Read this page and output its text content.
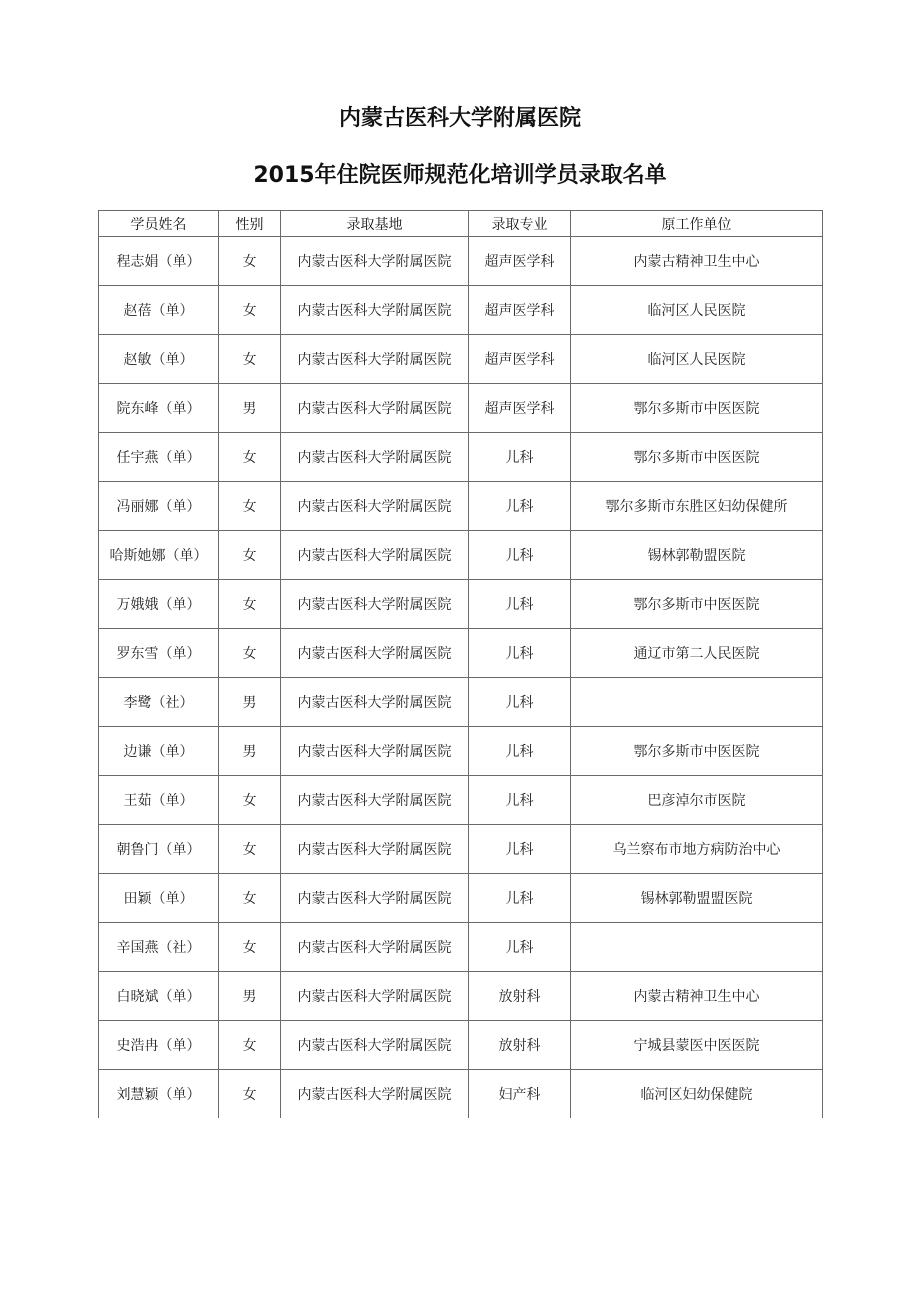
内蒙古医科大学附属医院
2015年住院医师规范化培训学员录取名单
学员姓名	性别	录取基地	录取专业	原工作单位
程志娟（单）	女	内蒙古医科大学附属医院	超声医学科	内蒙古精神卫生中心
赵蓓（单）	女	内蒙古医科大学附属医院	超声医学科	临河区人民医院
赵敏（单）	女	内蒙古医科大学附属医院	超声医学科	临河区人民医院
院东峰（单）	男	内蒙古医科大学附属医院	超声医学科	鄂尔多斯市中医医院
任宇燕（单）	女	内蒙古医科大学附属医院	儿科	鄂尔多斯市中医医院
冯丽娜（单）	女	内蒙古医科大学附属医院	儿科	鄂尔多斯市东胜区妇幼保健所
哈斯她娜（单）	女	内蒙古医科大学附属医院	儿科	锡林郭勒盟医院
万娥娥（单）	女	内蒙古医科大学附属医院	儿科	鄂尔多斯市中医医院
罗东雪（单）	女	内蒙古医科大学附属医院	儿科	通辽市第二人民医院
李鹭（社）	男	内蒙古医科大学附属医院	儿科	
边谦（单）	男	内蒙古医科大学附属医院	儿科	鄂尔多斯市中医医院
王茹（单）	女	内蒙古医科大学附属医院	儿科	巴彦淖尔市医院
朝鲁门（单）	女	内蒙古医科大学附属医院	儿科	乌兰察布市地方病防治中心
田颖（单）	女	内蒙古医科大学附属医院	儿科	锡林郭勒盟盟医院
辛国燕（社）	女	内蒙古医科大学附属医院	儿科	
白晓斌（单）	男	内蒙古医科大学附属医院	放射科	内蒙古精神卫生中心
史浩冉（单）	女	内蒙古医科大学附属医院	放射科	宁城县蒙医中医医院
刘慧颖（单）	女	内蒙古医科大学附属医院	妇产科	临河区妇幼保健院
